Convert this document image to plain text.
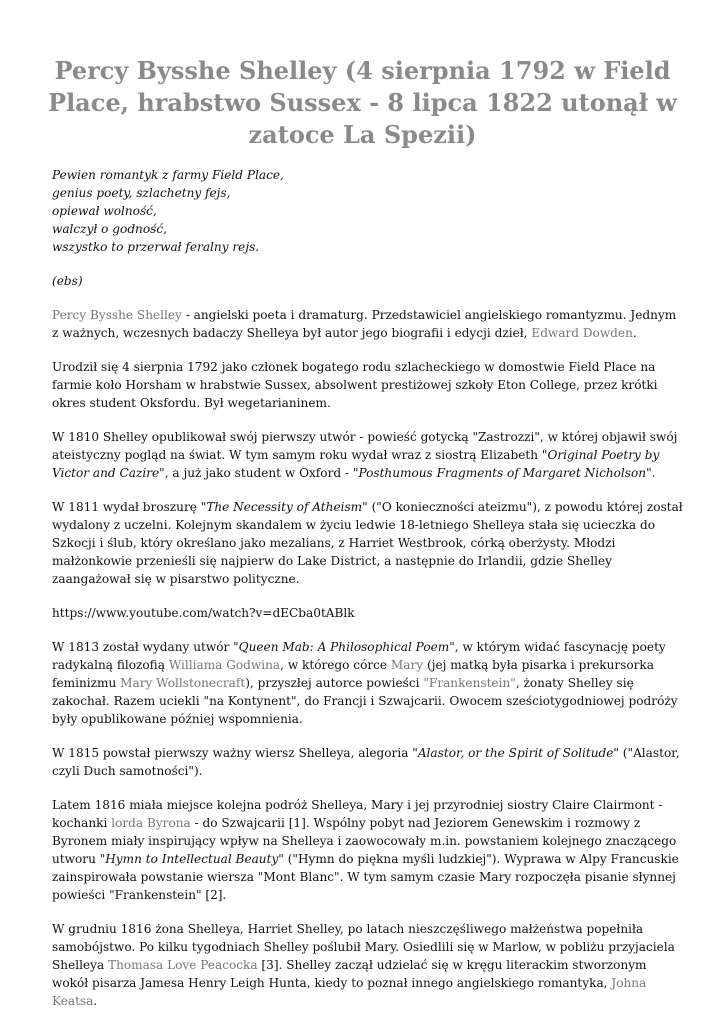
Percy Bysshe Shelley (4 sierpnia 1792 w Field Place, hrabstwo Sussex - 8 lipca 1822 utonął w zatoce La Spezii)
Pewien romantyk z farmy Field Place,
genius poety, szlachetny fejs,
opiewał wolność,
walczył o godność,
wszystko to przerwał feralny rejs.
(ebs)

Percy Bysshe Shelley - angielski poeta i dramaturg. Przedstawiciel angielskiego romantyzmu. Jednym z ważnych, wczesnych badaczy Shelleya był autor jego biografii i edycji dzieł, Edward Dowden.

Urodził się 4 sierpnia 1792 jako członek bogatego rodu szlacheckiego w domostwie Field Place na farmie koło Horsham w hrabstwie Sussex, absolwent prestiżowej szkoły Eton College, przez krótki okres student Oksfordu. Był wegetarianinem.

W 1810 Shelley opublikował swój pierwszy utwór - powieść gotycką "Zastrozzi", w której objawił swój ateistyczny pogląd na świat. W tym samym roku wydał wraz z siostrą Elizabeth "Original Poetry by Victor and Cazire", a już jako student w Oxford - "Posthumous Fragments of Margaret Nicholson".

W 1811 wydał broszurę "The Necessity of Atheism" ("O konieczności ateizmu"), z powodu której został wydalony z uczelni. Kolejnym skandalem w życiu ledwie 18-letniego Shelleya stała się ucieczka do Szkocji i ślub, który określano jako mezalians, z Harriet Westbrook, córką oberżysty. Młodzi małżonkowie przenieśli się najpierw do Lake District, a następnie do Irlandii, gdzie Shelley zaangażował się w pisarstwo polityczne.

https://www.youtube.com/watch?v=dECba0tABlk

W 1813 został wydany utwór "Queen Mab: A Philosophical Poem", w którym widać fascynację poety radykalną filozofią Williama Godwina, w którego córce Mary (jej matką była pisarka i prekursorka feminizmu Mary Wollstonecraft), przyszłej autorce powieści "Frankenstein", żonaty Shelley się zakochał. Razem uciekli "na Kontynent", do Francji i Szwajcarii. Owocem sześciotygodniowej podróży były opublikowane później wspomnienia.

W 1815 powstał pierwszy ważny wiersz Shelleya, alegoria "Alastor, or the Spirit of Solitude" ("Alastor, czyli Duch samotności").

Latem 1816 miała miejsce kolejna podróż Shelleya, Mary i jej przyrodniej siostry Claire Clairmont - kochanki lorda Byrona - do Szwajcarii [1]. Wspólny pobyt nad Jeziorem Genewskim i rozmowy z Byronem miały inspirujący wpływ na Shelleya i zaowocowały m.in. powstaniem kolejnego znaczącego utworu "Hymn to Intellectual Beauty" ("Hymn do piękna myśli ludzkiej"). Wyprawa w Alpy Francuskie zainspirowała powstanie wiersza "Mont Blanc". W tym samym czasie Mary rozpoczęła pisanie słynnej powieści "Frankenstein" [2].

W grudniu 1816 żona Shelleya, Harriet Shelley, po latach nieszczęśliwego małżeństwa popełniła samobójstwo. Po kilku tygodniach Shelley poślubił Mary. Osiedlili się w Marlow, w pobliżu przyjaciela Shelleya Thomasa Love Peacocka [3]. Shelley zaczął udzielać się w kręgu literackim stworzonym wokół pisarza Jamesa Henry Leigh Hunta, kiedy to poznał innego angielskiego romantyka, Johna Keatsa.
